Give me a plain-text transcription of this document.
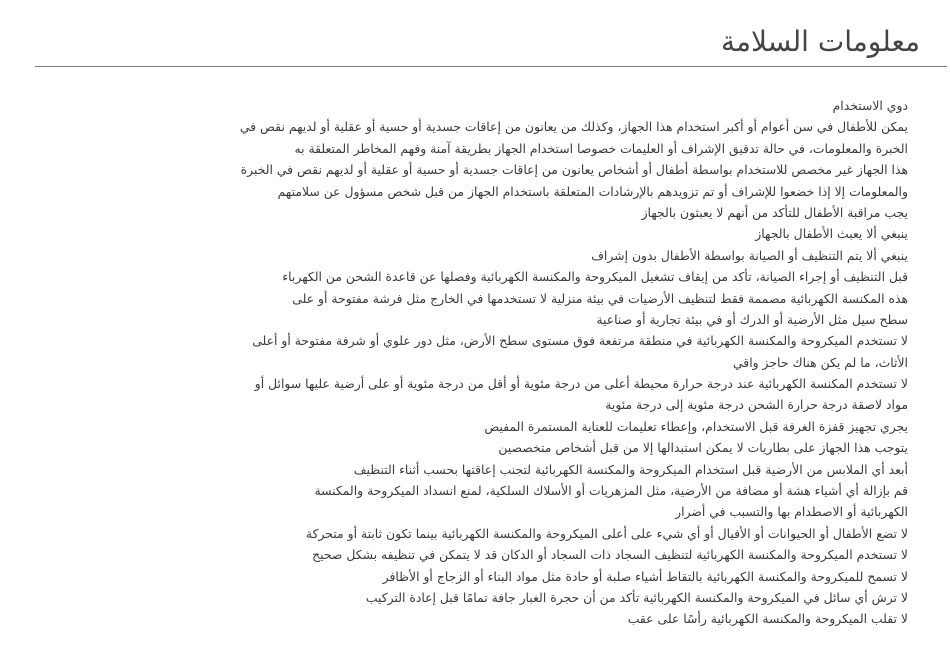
معلومات السلامة
دوي الاستخدام
يمكن للأطفال في سن أعوام أو أكبر استخدام هذا الجهاز، وكذلك من يعانون من إعاقات جسدية أو حسية أو عقلية أو لديهم نقص في
الخبرة والمعلومات، في حالة تدقيق الإشراف أو العليمات خصوصا استخدام الجهاز بطريقة آمنة وفهم المخاطر المتعلقة به
هذا الجهاز غير مخصص للاستخدام بواسطة أطفال أو أشخاص يعانون من إعاقات جسدية أو حسية أو عقلية أو لديهم نقص في الخبرة
والمعلومات إلا إذا خضعوا للإشراف أو تم تزويدهم بالإرشادات المتعلقة باستخدام الجهاز من قبل شخص مسؤول عن سلامتهم
يجب مراقبة الأطفال للتأكد من أنهم لا يعبثون بالجهاز
ينبغي ألا يعبث الأطفال بالجهاز
ينبغي ألا يتم التنظيف أو الصيانة بواسطة الأطفال بدون إشراف
قبل التنظيف أو إجراء الصيانة، تأكد من إيقاف تشغيل الميكروحة والمكنسة الكهربائية وفصلها عن قاعدة الشحن من الكهرباء
هذه المكنسة الكهربائية مصممة فقط لتنظيف الأرضيات في بيئة منزلية لا تستخدمها في الخارج مثل فرشة مفتوحة أو على
سطح سيل مثل الأرضية أو الدرك أو في بيئة تجارية أو صناعية
لا تستخدم الميكروحة والمكنسة الكهربائية في منطقة مرتفعة فوق مستوى سطح الأرض، مثل دور علوي أو شرفة مفتوحة أو أعلى
الأثاث، ما لم يكن هناك حاجز واقي
لا تستخدم المكنسة الكهربائية عند درجة حرارة محيطة أعلى من درجة مئوية أو أقل من درجة مئوية أو على أرضية عليها سوائل أو
مواد لاصقة درجة حرارة الشحن درجة مئوية إلى درجة مئوية
يجري تجهيز قفزة الغرفة قبل الاستخدام، وإعطاء تعليمات للعناية المستمرة المفيض
يتوجب هذا الجهاز على بطاريات لا يمكن استبدالها إلا من قبل أشخاص متخصصين
أبعد أي الملابس من الأرضية قبل استخدام الميكروحة والمكنسة الكهربائية لتجنب إعاقتها بحسب أثناء التنظيف
قم بإزالة أي أشياء هشة أو مضافة من الأرضية، مثل المزهريات أو الأسلاك السلكية، لمنع انسداد الميكروحة والمكنسة
الكهربائية أو الاصطدام بها والتسبب في أضرار
لا تضع الأطفال أو الحيوانات أو الأفيال أو أي شيء على أعلى الميكروحة والمكنسة الكهربائية بينما تكون ثابتة أو متحركة
لا تستخدم الميكروحة والمكنسة الكهربائية لتنظيف السجاد ذات السجاد أو الدكان قد لا يتمكن في تنظيفه بشكل صحيح
لا تسمح للميكروحة والمكنسة الكهربائية بالتقاط أشياء صلبة أو حادة مثل مواد البناء أو الزجاج أو الأظافر
لا ترش أي سائل في الميكروحة والمكنسة الكهربائية تأكد من أن حجرة الغبار جافة تمامًا قبل إعادة التركيب
لا تقلب الميكروحة والمكنسة الكهربائية رأسًا على عقب
